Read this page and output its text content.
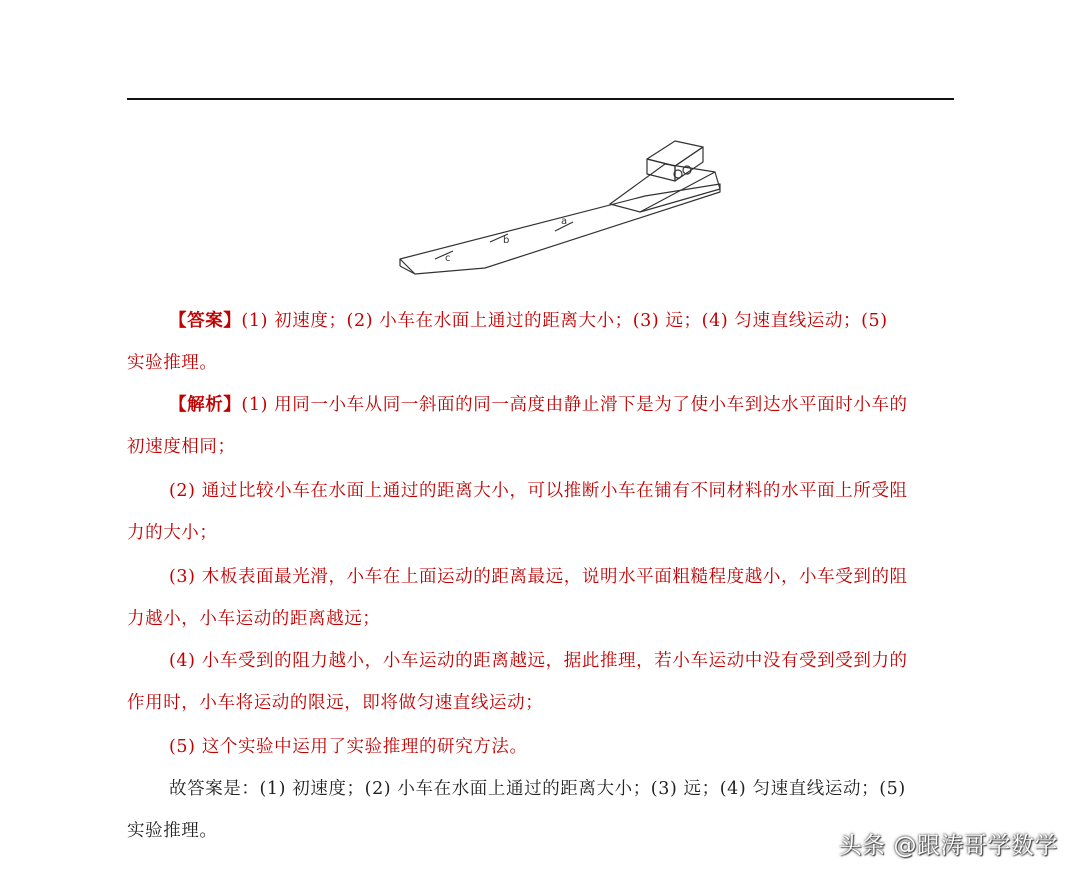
a
b
c
【答案】(1) 初速度；(2) 小车在水面上通过的距离大小；(3) 远；(4) 匀速直线运动；(5)
实验推理。
【解析】(1) 用同一小车从同一斜面的同一高度由静止滑下是为了使小车到达水平面时小车的
初速度相同；
(2) 通过比较小车在水面上通过的距离大小，可以推断小车在铺有不同材料的水平面上所受阻
力的大小；
(3) 木板表面最光滑，小车在上面运动的距离最远，说明水平面粗糙程度越小，小车受到的阻
力越小，小车运动的距离越远；
(4) 小车受到的阻力越小，小车运动的距离越远，据此推理，若小车运动中没有受到受到力的
作用时，小车将运动的限远，即将做匀速直线运动；
(5) 这个实验中运用了实验推理的研究方法。
故答案是：(1) 初速度；(2) 小车在水面上通过的距离大小；(3) 远；(4) 匀速直线运动；(5)
实验推理。
头条 @跟涛哥学数学
